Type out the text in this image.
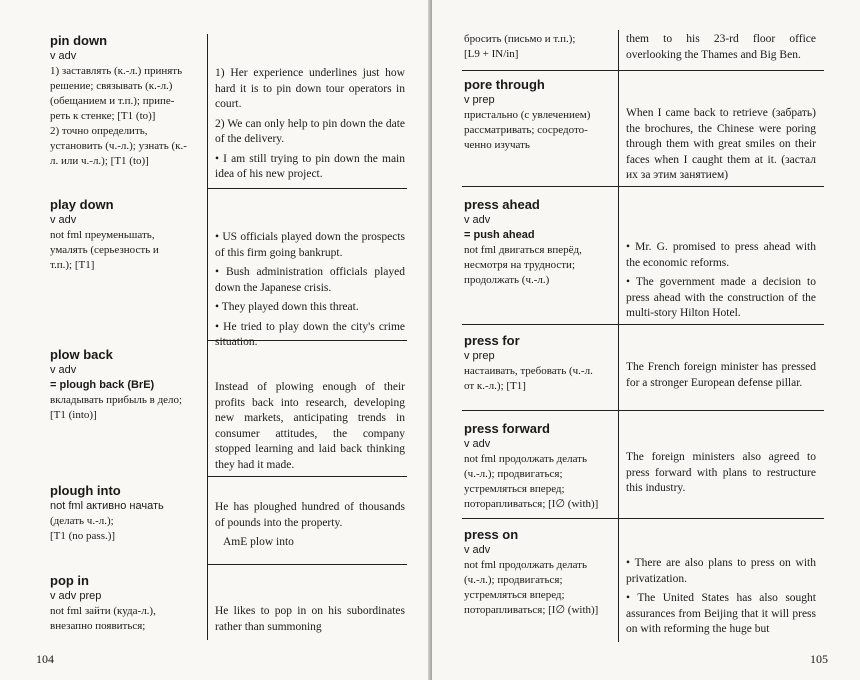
pin down
v adv
1) заставлять (к.-л.) принять
решение; связывать (к.-л.)
(обещанием и т.п.); припе-
реть к стенке; [T1 (to)]
2) точно определить,
установить (ч.-л.); узнать (к.-
л. или ч.-л.); [T1 (to)]

1) Her experience underlines just how hard it is to pin down tour operators in court.

2) We can only help to pin down the date of the delivery.

• I am still trying to pin down the main idea of his new project.

play down
v adv
not fml преуменьшать,
умалять (серьезность и
т.п.); [T1]

• US officials played down the prospects of this firm going bankrupt.

• Bush administration officials played down the Japanese crisis.

• They played down this threat.

• He tried to play down the city's crime situation.

plow back
v adv
= plough back (BrE)
вкладывать прибыль в дело;
[T1 (into)]

Instead of plowing enough of their profits back into research, developing new markets, anticipating trends in consumer attitudes, the company stopped learning and laid back thinking they had it made.

plough into
not fml активно начать
(делать ч.-л.);
[T1 (no pass.)]

He has ploughed hundred of thousands of pounds into the property.

AmE plow into

pop in
v adv prep
not fml зайти (куда-л.),
внезапно появиться;

He likes to pop in on his subordinates rather than summoning

104
бросить (письмо и т.п.);
[L9 + IN/in]

them to his 23-rd floor office overlooking the Thames and Big Ben.

pore through
v prep
пристально (с увлечением)
рассматривать; сосредото-
ченно изучать

When I came back to retrieve (забрать) the brochures, the Chinese were poring through them with great smiles on their faces when I caught them at it. (застал их за этим занятием)

press ahead
v adv
= push ahead
not fml двигаться вперёд,
несмотря на трудности;
продолжать (ч.-л.)

• Mr. G. promised to press ahead with the economic reforms.

• The government made a decision to press ahead with the construction of the multi-story Hilton Hotel.

press for
v prep
настаивать, требовать (ч.-л.
от к.-л.); [T1]

The French foreign minister has pressed for a stronger European defense pillar.

press forward
v adv
not fml продолжать делать
(ч.-л.); продвигаться;
устремляться вперед;
поторапливаться; [I∅ (with)]

The foreign ministers also agreed to press forward with plans to restructure this industry.

press on
v adv
not fml продолжать делать
(ч.-л.); продвигаться;
устремляться вперед;
поторапливаться; [I∅ (with)]

• There are also plans to press on with privatization.

• The United States has also sought assurances from Beijing that it will press on with reforming the huge but

105
